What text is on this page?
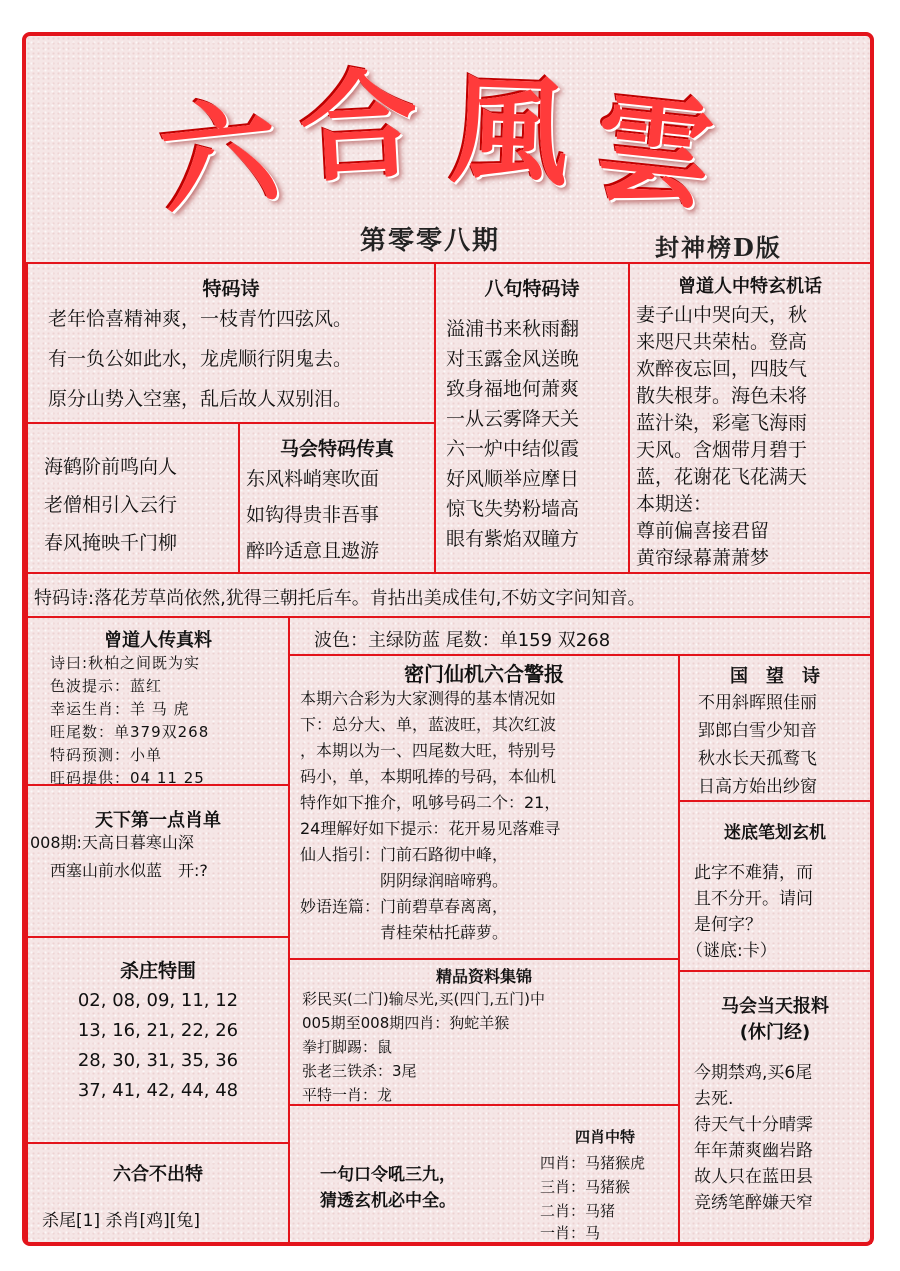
六 合 風 雲
第零零八期	封神榜D版
特码诗
老年恰喜精神爽，一枝青竹四弦风。
有一负公如此水，龙虎顺行阴鬼去。
原分山势入空塞，乱后故人双别泪。
八句特码诗
溢浦书来秋雨翻
对玉露金风送晚
致身福地何萧爽
一从云雾降天关
六一炉中结似霞
好风顺举应摩日
惊飞失势粉墙高
眼有紫焰双瞳方
曾道人中特玄机话
妻子山中哭向天，秋
来咫尺共荣枯。登高
欢醉夜忘回，四肢气
散失根芽。海色未将
蓝汁染，彩毫飞海雨
天风。含烟带月碧于
蓝，花谢花飞花满天
本期送：
尊前偏喜接君留
黄帘绿幕萧萧梦
海鹤阶前鸣向人
老僧相引入云行
春风掩映千门柳
马会特码传真
东风料峭寒吹面
如钩得贵非吾事
醉吟适意且遨游
特码诗:落花芳草尚依然,犹得三朝托后车。肯拈出美成佳句,不妨文字问知音。
曾道人传真料
诗曰:秋柏之间既为实
色波提示：蓝红
幸运生肖：羊 马 虎
旺尾数：单379双268
特码预测：小单
旺码提供：04 11 25
天下第一点肖单
008期:天高日暮寒山深
西塞山前水似蓝　开:?
杀庄特围
02, 08, 09, 11, 12
13, 16, 21, 22, 26
28, 30, 31, 35, 36
37, 41, 42, 44, 48
六合不出特
杀尾[1] 杀肖[鸡][兔]
波色：主绿防蓝 尾数：单159 双268
密门仙机六合警报
本期六合彩为大家测得的基本情况如
下：总分大、单，蓝波旺，其次红波
，本期以为一、四尾数大旺，特别号
码小，单，本期吼捧的号码，本仙机
特作如下推介，吼够号码二个：21，
24理解好如下提示：花开易见落难寻
仙人指引：门前石路彻中峰，
　　　　　阴阴绿润暗啼鸦。
妙语连篇：门前碧草春离离，
　　　　　青桂荣枯托薜萝。
精品资料集锦
彩民买(二门)输尽光,买(四门,五门)中
005期至008期四肖：狗蛇羊猴
拳打脚踢：鼠
张老三铁杀：3尾
平特一肖：龙
一句口令吼三九，
猜透玄机必中全。
四肖中特
四肖：马猪猴虎
三肖：马猪猴
二肖：马猪
一肖：马
国　望　诗
不用斜晖照佳丽
郢郎白雪少知音
秋水长天孤鹜飞
日高方始出纱窗
迷底笔划玄机
此字不难猜，而
且不分开。请问
是何字？
（谜底:卡）
马会当天报料
(休门经)
今期禁鸡,买6尾
去死.
待天气十分晴霁
年年萧爽幽岩路
故人只在蓝田县
竞绣笔醉嫌天窄
